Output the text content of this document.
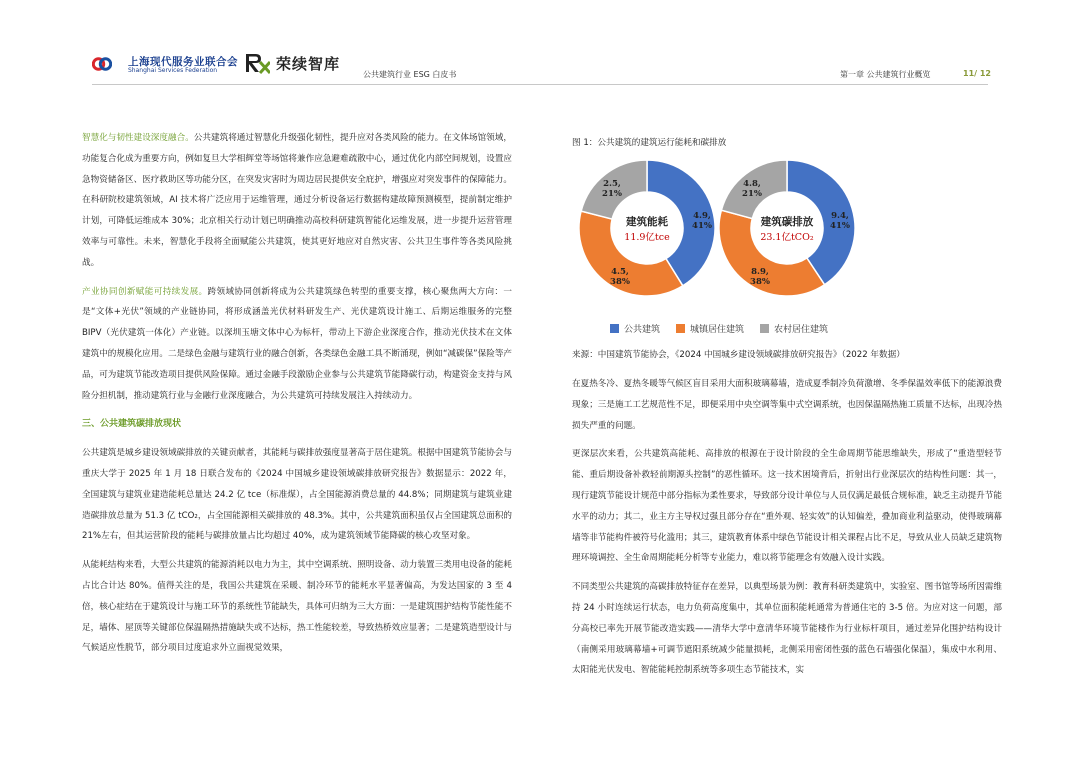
上海现代服务业联合会
Shanghai Services Federation	荣续智库
公共建筑行业 ESG 白皮书	第一章 公共建筑行业概览	11/ 12

智慧化与韧性建设深度融合。公共建筑将通过智慧化升级强化韧性，提升应对各类风险的能力。在文体场馆领域，功能复合化成为重要方向，例如复旦大学相辉堂等场馆将兼作应急避难疏散中心，通过优化内部空间规划，设置应急物资储备区、医疗救助区等功能分区，在突发灾害时为周边居民提供安全庇护，增强应对突发事件的保障能力。在科研院校建筑领域，AI 技术将广泛应用于运维管理，通过分析设备运行数据构建故障预测模型，提前制定维护计划，可降低运维成本 30%；北京相关行动计划已明确推动高校科研建筑智能化运维发展，进一步提升运营管理效率与可靠性。未来，智慧化手段将全面赋能公共建筑，使其更好地应对自然灾害、公共卫生事件等各类风险挑战。

产业协同创新赋能可持续发展。跨领域协同创新将成为公共建筑绿色转型的重要支撑，核心聚焦两大方向：一是“文体+光伏”领域的产业链协同，将形成涵盖光伏材料研发生产、光伏建筑设计施工、后期运维服务的完整 BIPV（光伏建筑一体化）产业链。以深圳玉塘文体中心为标杆，带动上下游企业深度合作，推动光伏技术在文体建筑中的规模化应用。二是绿色金融与建筑行业的融合创新，各类绿色金融工具不断涌现，例如“减碳保”保险等产品，可为建筑节能改造项目提供风险保障。通过金融手段激励企业参与公共建筑节能降碳行动，构建资金支持与风险分担机制，推动建筑行业与金融行业深度融合，为公共建筑可持续发展注入持续动力。

三、公共建筑碳排放现状

公共建筑是城乡建设领域碳排放的关键贡献者，其能耗与碳排放强度显著高于居住建筑。根据中国建筑节能协会与重庆大学于 2025 年 1 月 18 日联合发布的《2024 中国城乡建设领域碳排放研究报告》数据显示：2022 年，全国建筑与建筑业建造能耗总量达 24.2 亿 tce（标准煤），占全国能源消费总量的 44.8%；同期建筑与建筑业建造碳排放总量为 51.3 亿 tCO₂，占全国能源相关碳排放的 48.3%。其中，公共建筑面积虽仅占全国建筑总面积的 21%左右，但其运营阶段的能耗与碳排放量占比均超过 40%，成为建筑领域节能降碳的核心攻坚对象。

从能耗结构来看，大型公共建筑的能源消耗以电力为主，其中空调系统、照明设备、动力装置三类用电设备的能耗占比合计达 80%。值得关注的是，我国公共建筑在采暖、制冷环节的能耗水平显著偏高，为发达国家的 3 至 4 倍，核心症结在于建筑设计与施工环节的系统性节能缺失，具体可归纳为三大方面：一是建筑围护结构节能性能不足，墙体、屋顶等关键部位保温隔热措施缺失或不达标，热工性能较差，导致热桥效应显著；二是建筑造型设计与气候适应性脱节，部分项目过度追求外立面视觉效果，

图 1：公共建筑的建筑运行能耗和碳排放
建筑能耗
11.9亿tce
4.9, 41%
4.5, 38%
2.5, 21%
建筑碳排放
23.1亿tCO₂
9.4, 41%
8.9, 38%
4.8, 21%
公共建筑	城镇居住建筑	农村居住建筑
来源：中国建筑节能协会，《2024 中国城乡建设领域碳排放研究报告》（2022 年数据）

在夏热冬冷、夏热冬暖等气候区盲目采用大面积玻璃幕墙，造成夏季制冷负荷激增、冬季保温效率低下的能源浪费现象；三是施工工艺规范性不足，即便采用中央空调等集中式空调系统，也因保温隔热施工质量不达标，出现冷热损失严重的问题。

更深层次来看，公共建筑高能耗、高排放的根源在于设计阶段的全生命周期节能思维缺失，形成了“重造型轻节能、重后期设备补救轻前期源头控制”的恶性循环。这一技术困境背后，折射出行业深层次的结构性问题：其一，现行建筑节能设计规范中部分指标为柔性要求，导致部分设计单位与人员仅满足最低合规标准，缺乏主动提升节能水平的动力；其二，业主方主导权过强且部分存在“重外观、轻实效”的认知偏差，叠加商业利益驱动，使得玻璃幕墙等非节能构件被符号化滥用；其三，建筑教育体系中绿色节能设计相关课程占比不足，导致从业人员缺乏建筑物理环境调控、全生命周期能耗分析等专业能力，难以将节能理念有效融入设计实践。

不同类型公共建筑的高碳排放特征存在差异，以典型场景为例：教育科研类建筑中，实验室、图书馆等场所因需维持 24 小时连续运行状态，电力负荷高度集中，其单位面积能耗通常为普通住宅的 3-5 倍。为应对这一问题，部分高校已率先开展节能改造实践——清华大学中意清华环境节能楼作为行业标杆项目，通过差异化围护结构设计（南侧采用玻璃幕墙+可调节遮阳系统减少能量损耗，北侧采用密闭性强的蓝色石墙强化保温），集成中水利用、太阳能光伏发电、智能能耗控制系统等多项生态节能技术，实
